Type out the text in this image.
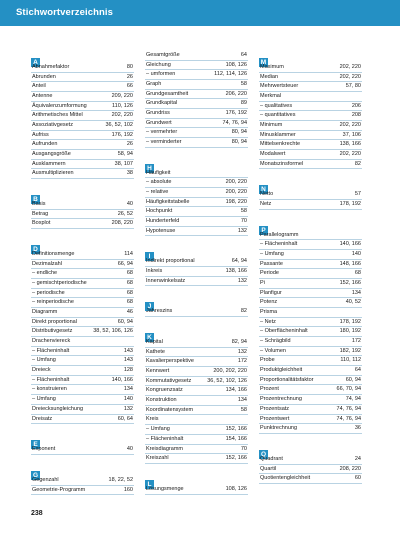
Stichwortverzeichnis
A
Abnahmefaktor	80
Abrunden	26
Anteil	66
Antenne	209, 220
Äquivalenzumformung	110, 126
Arithmetisches Mittel	202, 220
Assoziativgesetz	36, 52, 102
Aufriss	176, 192
Aufrunden	26
Ausgangsgröße	58, 94
Ausklammern	38, 107
Ausmultiplizieren	38
B
Basis	40
Betrag	26, 52
Boxplot	208, 220
D
Definitionsmenge	114
Dezimalzahl	66, 94
– endliche	68
– gemischtperiodische	68
– periodische	68
– reinperiodische	68
Diagramm	46
Direkt proportional	60, 94
Distributivgesetz	38, 52, 106, 126
Drachenviereck
– Flächeninhalt	143
– Umfang	143
Dreieck	128
– Flächeninhalt	140, 166
– konstruieren	134
– Umfang	140
Dreiecksungleichung	132
Dreisatz	60, 64
E
Exponent	40
G
Gegenzahl	18, 22, 52
Geometrie-Programm	160
Gesamtgröße	64
Gleichung	108, 126
– umformen	112, 114, 126
Graph	58
Grundgesamtheit	206, 220
Grundkapital	89
Grundriss	176, 192
Grundwert	74, 76, 94
– vermehrter	80, 94
– verminderter	80, 94
H
Häufigkeit
– absolute	200, 220
– relative	200, 220
Häufigkeitstabelle	198, 220
Hochpunkt	58
Hunderterfeld	70
Hypotenuse	132
I
Indirekt proportional	64, 94
Inkreis	138, 166
Innenwinkelsatz	132
J
Jahreszins	82
K
Kapital	82, 94
Kathete	132
Kavalierperspektive	172
Kennwert	200, 202, 220
Kommutativgesetz	36, 52, 102, 126
Kongruenzsatz	134, 166
Konstruktion	134
Koordinatensystem	58
Kreis
– Umfang	152, 166
– Flächeninhalt	154, 166
Kreisdiagramm	70
Kreiszahl	152, 166
L
Lösungsmenge	108, 126
M
Maximum	202, 220
Median	202, 220
Mehrwertsteuer	57, 80
Merkmal
– qualitatives	206
– quantitatives	208
Minimum	202, 220
Minusklammer	37, 106
Mittelsenkrechte	138, 166
Modalwert	202, 220
Monatszinsformel	82
N
Netto	57
Netz	178, 192
P
Parallelogramm
– Flächeninhalt	140, 166
– Umfang	140
Passante	148, 166
Periode	68
Pi	152, 166
Planfigur	134
Potenz	40, 52
Prisma
– Netz	178, 192
– Oberflächeninhalt	180, 192
– Schrägbild	172
– Volumen	182, 192
Probe	110, 112
Produktgleichheit	64
Proportionalitätsfaktor	60, 94
Prozent	66, 70, 94
Prozentrechnung	74, 94
Prozentsatz	74, 76, 94
Prozentwert	74, 76, 94
Punktrechnung	36
Q
Quadrant	24
Quartil	208, 220
Quotientengleichheit	60
238
